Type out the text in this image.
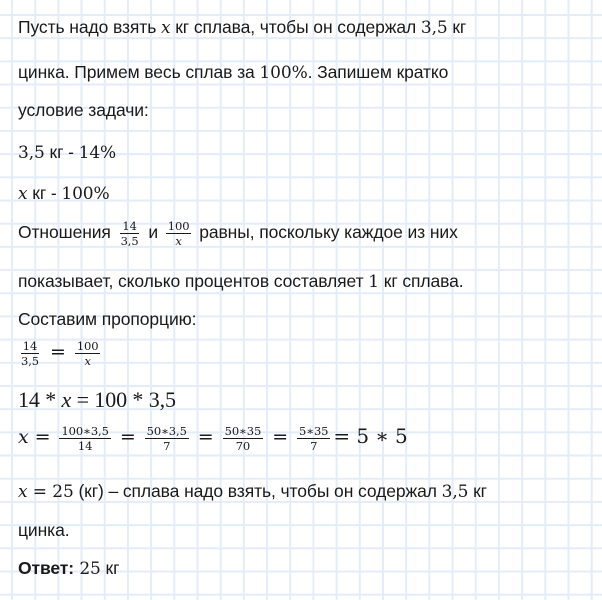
Пусть надо взять x кг сплава, чтобы он содержал 3,5 кг
цинка. Примем весь сплав за 100%. Запишем кратко
условие задачи:
3,5 кг - 14%
x кг - 100%
Отношения $\frac{14}{3,5}$ и $\frac{100}{x}$ равны, поскольку каждое из них
показывает, сколько процентов составляет 1 кг сплава.
Составим пропорцию:
$\frac{14}{3,5} = \frac{100}{x}$
14 * x = 100 * 3,5
$x = \frac{100∗3,5}{14} = \frac{50∗3,5}{7} = \frac{50∗35}{70} = \frac{5∗35}{7} = 5$ ∗ 5
x = 25 (кг) – сплава надо взять, чтобы он содержал 3,5 кг
цинка.
Ответ: 25 кг
